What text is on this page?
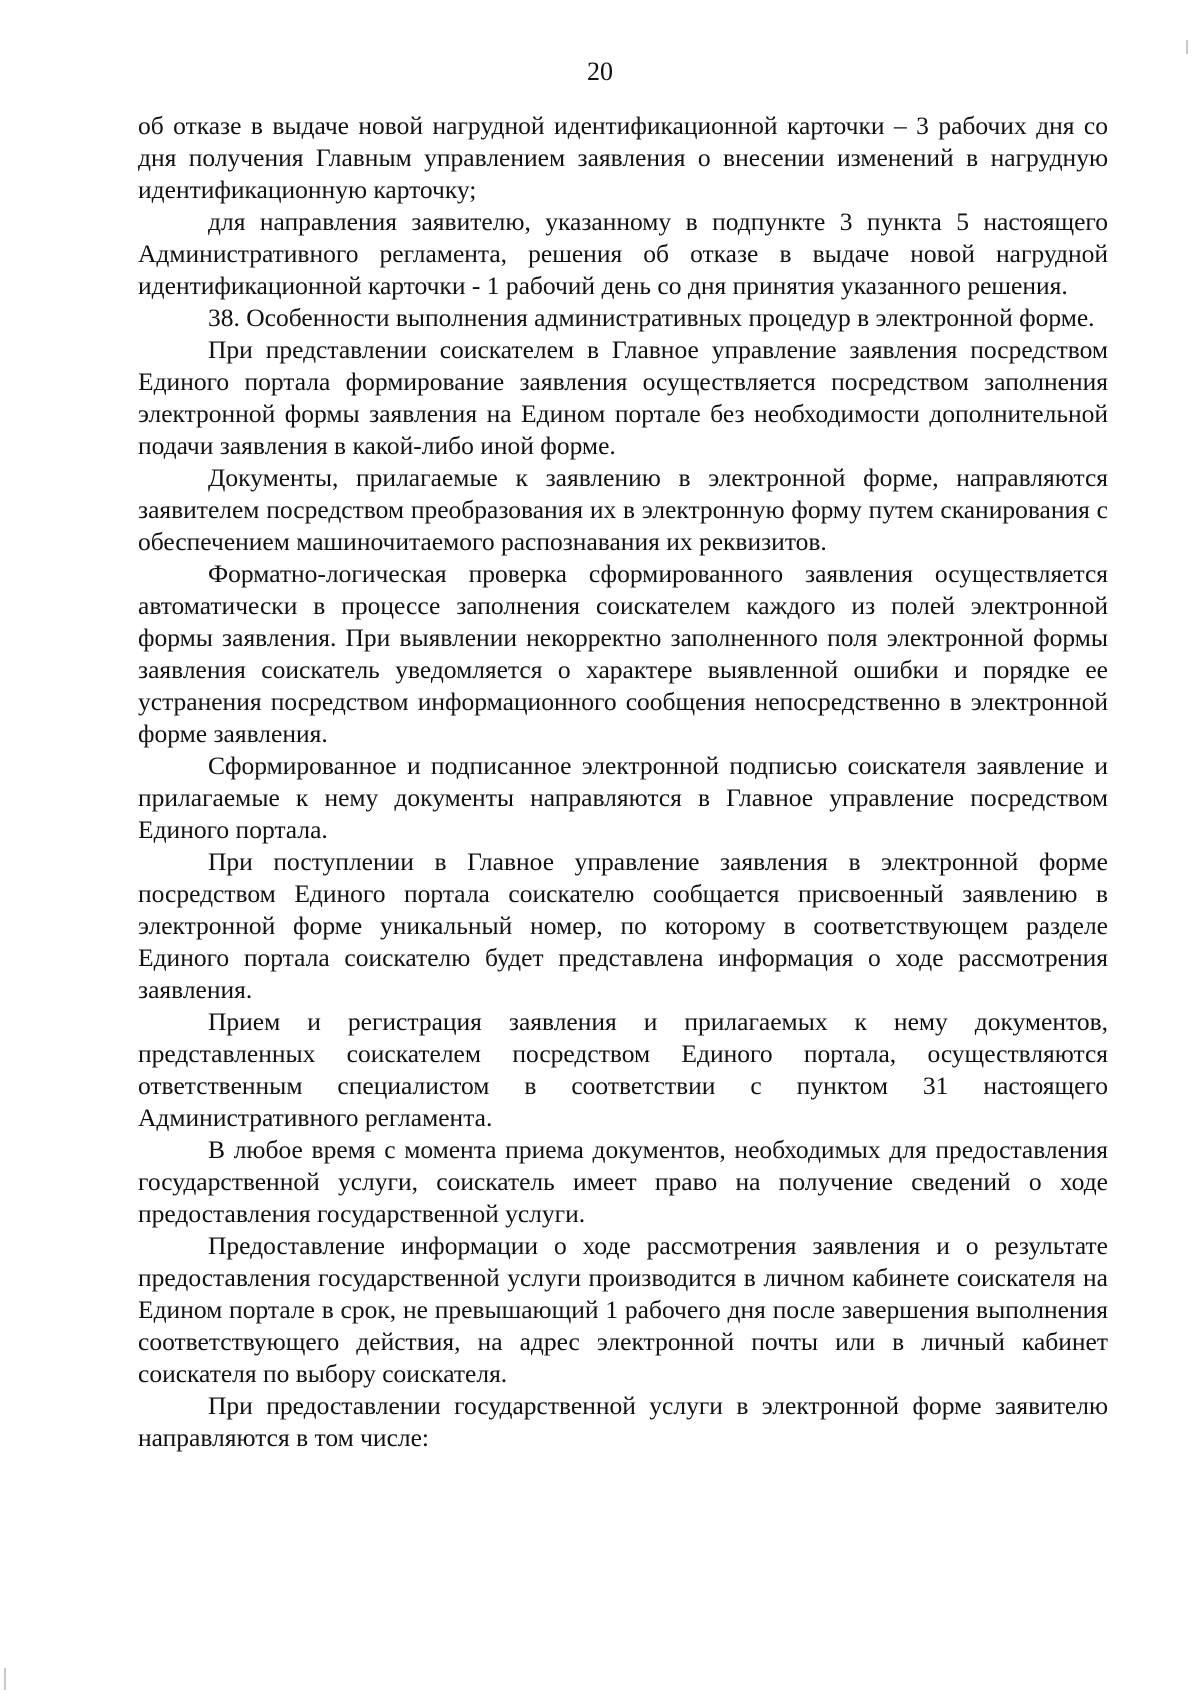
20

об отказе в выдаче новой нагрудной идентификационной карточки – 3 рабочих дня со дня получения Главным управлением заявления о внесении изменений в нагрудную идентификационную карточку;

для направления заявителю, указанному в подпункте 3 пункта 5 настоящего Административного регламента, решения об отказе в выдаче новой нагрудной идентификационной карточки - 1 рабочий день со дня принятия указанного решения.

38. Особенности выполнения административных процедур в электронной форме.

При представлении соискателем в Главное управление заявления посредством Единого портала формирование заявления осуществляется посредством заполнения электронной формы заявления на Едином портале без необходимости дополнительной подачи заявления в какой-либо иной форме.

Документы, прилагаемые к заявлению в электронной форме, направляются заявителем посредством преобразования их в электронную форму путем сканирования с обеспечением машиночитаемого распознавания их реквизитов.

Форматно-логическая проверка сформированного заявления осуществляется автоматически в процессе заполнения соискателем каждого из полей электронной формы заявления. При выявлении некорректно заполненного поля электронной формы заявления соискатель уведомляется о характере выявленной ошибки и порядке ее устранения посредством информационного сообщения непосредственно в электронной форме заявления.

Сформированное и подписанное электронной подписью соискателя заявление и прилагаемые к нему документы направляются в Главное управление посредством Единого портала.

При поступлении в Главное управление заявления в электронной форме посредством Единого портала соискателю сообщается присвоенный заявлению в электронной форме уникальный номер, по которому в соответствующем разделе Единого портала соискателю будет представлена информация о ходе рассмотрения заявления.

Прием и регистрация заявления и прилагаемых к нему документов, представленных соискателем посредством Единого портала, осуществляются ответственным специалистом в соответствии с пунктом 31 настоящего Административного регламента.

В любое время с момента приема документов, необходимых для предоставления государственной услуги, соискатель имеет право на получение сведений о ходе предоставления государственной услуги.

Предоставление информации о ходе рассмотрения заявления и о результате предоставления государственной услуги производится в личном кабинете соискателя на Едином портале в срок, не превышающий 1 рабочего дня после завершения выполнения соответствующего действия, на адрес электронной почты или в личный кабинет соискателя по выбору соискателя.

При предоставлении государственной услуги в электронной форме заявителю направляются в том числе:
